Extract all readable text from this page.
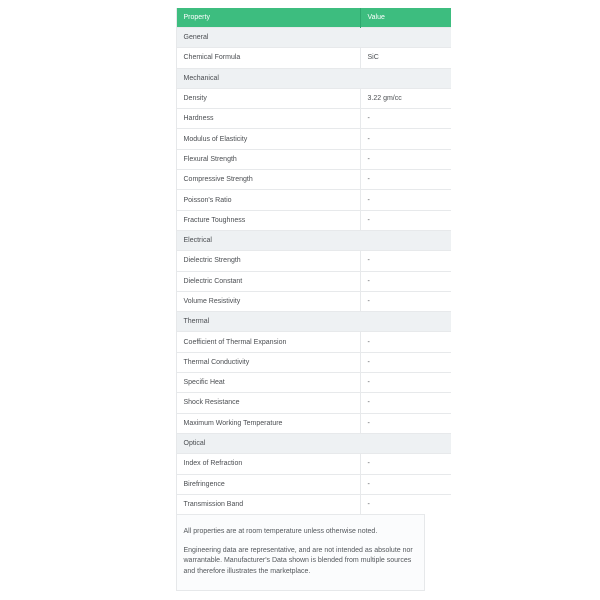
Property	Value
General	
Chemical Formula	SiC
Mechanical	
Density	3.22 gm/cc
Hardness	-
Modulus of Elasticity	-
Flexural Strength	-
Compressive Strength	-
Poisson's Ratio	-
Fracture Toughness	-
Electrical	
Dielectric Strength	-
Dielectric Constant	-
Volume Resistivity	-
Thermal	
Coefficient of Thermal Expansion	-
Thermal Conductivity	-
Specific Heat	-
Shock Resistance	-
Maximum Working Temperature	-
Optical	
Index of Refraction	-
Birefringence	-
Transmission Band	-

All properties are at room temperature unless otherwise noted.

Engineering data are representative, and are not intended as absolute nor warrantable. Manufacturer's Data shown is blended from multiple sources and therefore illustrates the marketplace.
